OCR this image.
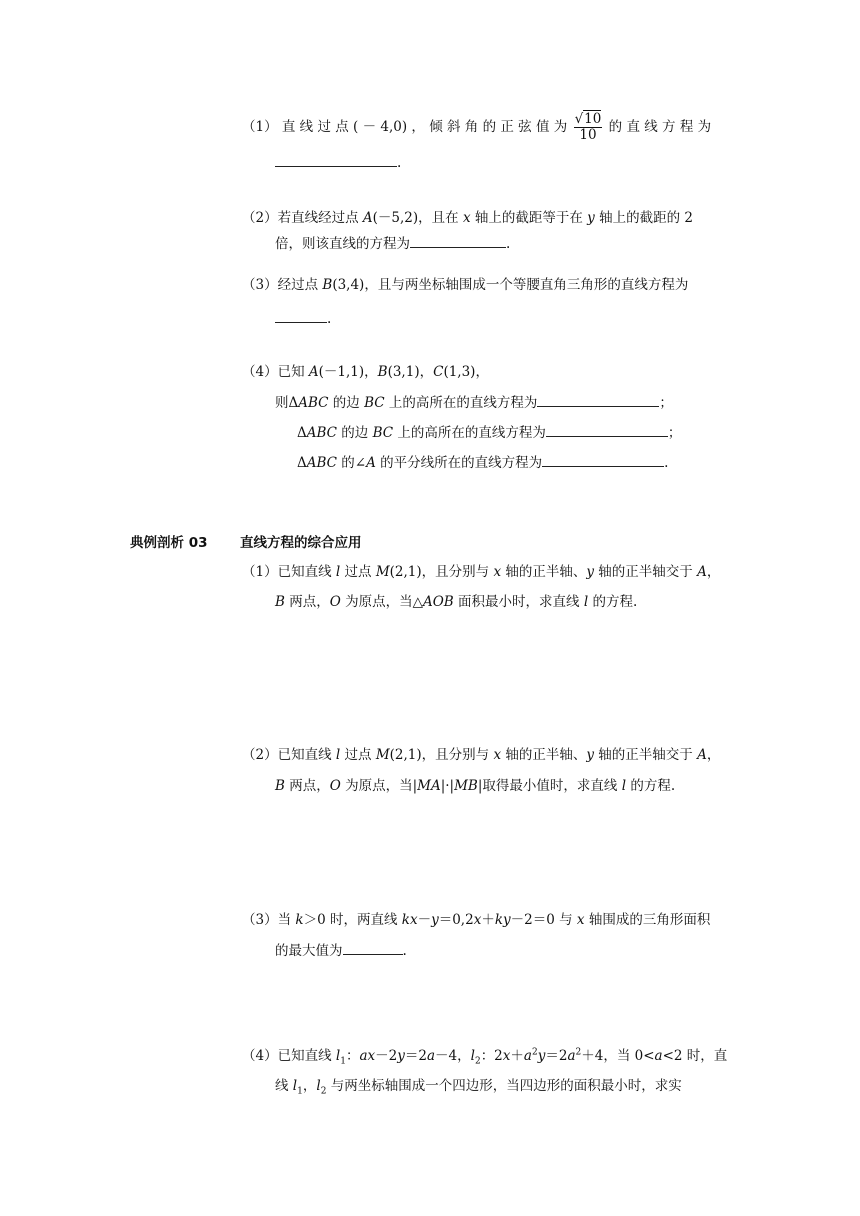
（1） 直 线 过 点 ( － 4,0) ， 倾 斜 角 的 正 弦 值 为 $\frac{√10}{10}$ 的 直 线 方 程 为
.
（2）若直线经过点 A(－5,2)，且在 x 轴上的截距等于在 y 轴上的截距的 2
倍，则该直线的方程为	.
（3）经过点 B(3,4)，且与两坐标轴围成一个等腰直角三角形的直线方程为
.
（4）已知 A(－1,1)，B(3,1)，C(1,3)，
则ΔABC 的边 BC 上的高所在的直线方程为	；
ΔABC 的边 BC 上的高所在的直线方程为	；
ΔABC 的∠A 的平分线所在的直线方程为	.
典例剖析 03 直线方程的综合应用
（1）已知直线 l 过点 M(2,1)，且分别与 x 轴的正半轴、y 轴的正半轴交于 A，
B 两点，O 为原点，当△AOB 面积最小时，求直线 l 的方程.
（2）已知直线 l 过点 M(2,1)，且分别与 x 轴的正半轴、y 轴的正半轴交于 A，
B 两点，O 为原点，当|MA|·|MB|取得最小值时，求直线 l 的方程.
（3）当 k＞0 时，两直线 kx－y＝0,2x＋ky－2＝0 与 x 轴围成的三角形面积
的最大值为	.
（4）已知直线 $l_1$：ax－2y＝2a－4，$l_2$：$2x+a^2y=2a^2+4$，当 0<a<2 时，直
线 $l_1$，$l_2$ 与两坐标轴围成一个四边形，当四边形的面积最小时，求实
